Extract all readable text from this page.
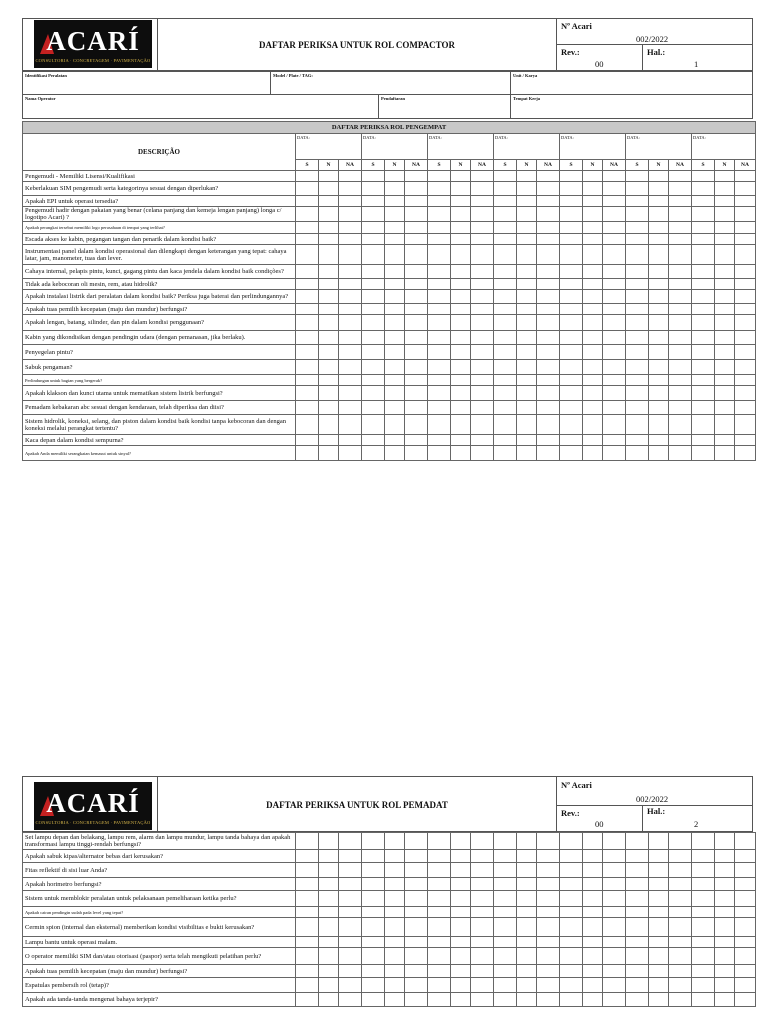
ACARÍ
CONSULTORIA · CONCRETAGEM · PAVIMENTAÇÃO
DAFTAR PERIKSA UNTUK ROL COMPACTOR
Nº Acari
002/2022
Rev.:
00
Hal.:
1
Identifikasi Peralatan	Model / Plate / TAG:	Unit / Karya
Nama Operator	Pendaftaran	Tempat Kerja
DAFTAR PERIKSA ROL PENGEMPAT																					
DESCRIÇÃO	DATA:			DATA:			DATA:			DATA:			DATA:			DATA:			DATA:		
	S	N	NA	S	N	NA	S	N	NA	S	N	NA	S	N	NA	S	N	NA	S	N	NA
Pengemudi - Memiliki Lisensi/Kualifikasi																					
Keberlakuan SIM pengemudi serta kategorinya sesuai dengan diperlukan?																					
Apakah EPI untuk operasi tersedia?																					
Pengemudi hadir dengan pakaian yang benar (celana panjang dan kemeja lengan panjang) longa c/ logotipo Acari) ?																					
Apakah perangkat tersebut memiliki logo perusahaan di tempat yang terlihat?																					
Escada akses ke kabin, pegangan tangan dan penarik dalam kondisi baik?																					
Instrumentasi panel dalam kondisi operasional dan dilengkapi dengan keterangan yang tepat: cahaya latar, jam, manometer, tuas dan lever.																					
Cahaya internal, pelapis pintu, kunci, gagang pintu dan kaca jendela dalam kondisi baik condições?																					
Tidak ada kebocoran oli mesin, rem, atau hidrolik?																					
Apakah instalasi listrik dari peralatan dalam kondisi baik? Periksa juga baterai dan perlindungannya?																					
Apakah tuas pemilih kecepatan (maju dan mundur) berfungsi?																					
Apakah lengan, batang, silinder, dan pin dalam kondisi penggunaan?																					
Kabin yang dikondisikan dengan pendingin udara (dengan pemanasan, jika berlaku).																					
Penyegelan pintu?																					
Sabuk pengaman?																					
Perlindungan untuk bagian yang bergerak?																					
Apakah klakson dan kunci utama untuk mematikan sistem listrik berfungsi?																					
Pemadam kebakaran abc sesuai dengan kendaraan, telah diperiksa dan diisi?																					
Sistem hidrolik, koneksi, selang, dan piston dalam kondisi baik kondisi tanpa kebocoran dan dengan koneksi melalui perangkat tertentu?																					
Kaca depan dalam kondisi sempurna?																					
Apakah Anda memiliki serangkaian kemasut untuk sinyal?																					
ACARÍ
CONSULTORIA · CONCRETAGEM · PAVIMENTAÇÃO
DAFTAR PERIKSA UNTUK ROL PEMADAT
Nº Acari
002/2022
Rev.:
00
Hal.:
2
Set lampu depan dan belakang, lampu rem, alarm dan lampu mundur, lampu tanda bahaya dan apakah transformasi lampu tinggi-rendah berfungsi?																					
Apakah sabuk kipas/alternator bebas dari kerusakan?																					
Fitas reflektif di sisi luar Anda?																					
Apakah horimetro berfungsi?																					
Sistem untuk memblokir peralatan untuk pelaksanaan pemeliharaan ketika perlu?																					
Apakah cairan pendingin sudah pada level yang tepat?																					
Cermin spion (internal dan eksternal) memberikan kondisi visibilitas e bukti kerusakan?																					
Lampu bantu untuk operasi malam.																					
O operator memiliki SIM dan/atau otorisasi (paspor) serta telah mengikuti pelatihan perlu?																					
Apakah tuas pemilih kecepatan (maju dan mundur) berfungsi?																					
Espatulas pembersih rol (tetap)?																					
Apakah ada tanda-tanda mengenai bahaya terjepir?																					
